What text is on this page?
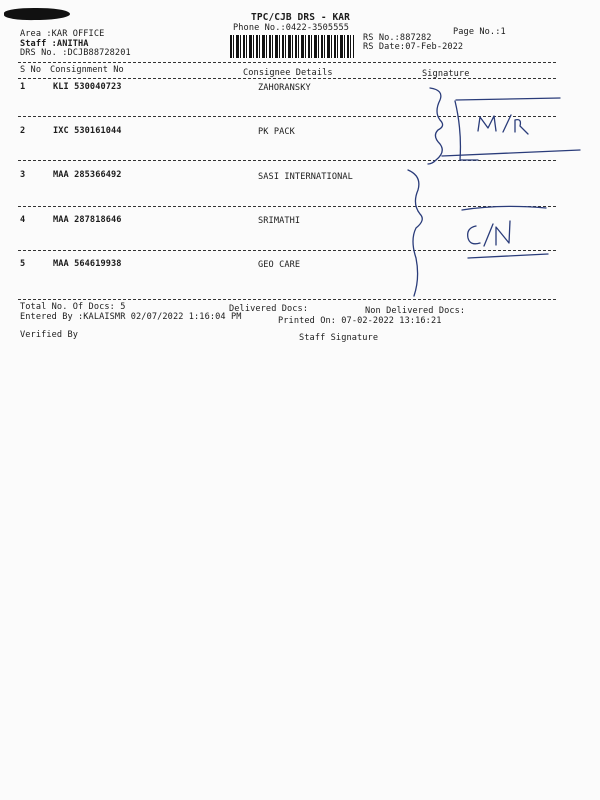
TPC/CJB DRS - KAR
Phone No.:0422-3505555	Page No.:1
Area :KAR OFFICE
Staff :ANITHA
DRS No. :DCJB88728201
RS No.:887282
RS Date:07-Feb-2022
S No Consignment No	Consignee Details	Signature
1	KLI 530040723	ZAHORANSKY
2	IXC 530161044	PK PACK
3	MAA 285366492	SASI INTERNATIONAL
4	MAA 287818646	SRIMATHI
5	MAA 564619938	GEO CARE
Total No. Of Docs: 5	Delivered Docs:	Non Delivered Docs:
Entered By :KALAISMR 02/07/2022 1:16:04 PM	Printed On: 07-02-2022 13:16:21
Verified By	Staff Signature
